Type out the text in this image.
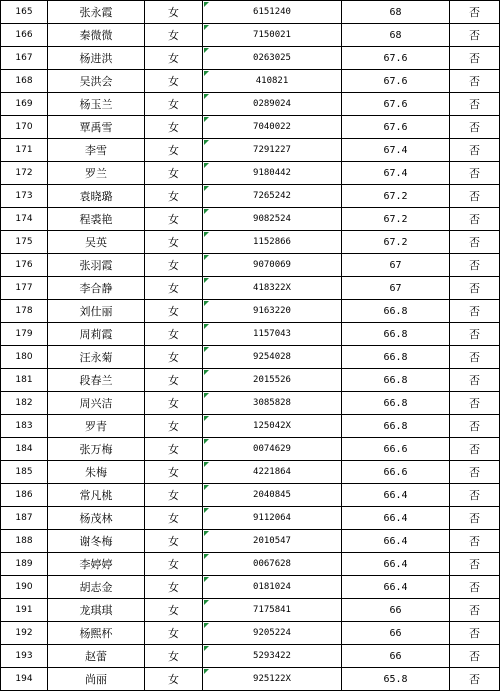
165	张永霞	女	6151240	68	否
166	秦微微	女	7150021	68	否
167	杨进洪	女	0263025	67.6	否
168	吴洪会	女	410821	67.6	否
169	杨玉兰	女	0289024	67.6	否
170	覃禹雪	女	7040022	67.6	否
171	李雪	女	7291227	67.4	否
172	罗兰	女	9180442	67.4	否
173	袁晓璐	女	7265242	67.2	否
174	程裘艳	女	9082524	67.2	否
175	吴英	女	1152866	67.2	否
176	张羽霞	女	9070069	67	否
177	李合静	女	418322X	67	否
178	刘仕丽	女	9163220	66.8	否
179	周莉霞	女	1157043	66.8	否
180	汪永菊	女	9254028	66.8	否
181	段春兰	女	2015526	66.8	否
182	周兴洁	女	3085828	66.8	否
183	罗青	女	125042X	66.8	否
184	张万梅	女	0074629	66.6	否
185	朱梅	女	4221864	66.6	否
186	常凡桃	女	2040845	66.4	否
187	杨茂林	女	9112064	66.4	否
188	谢冬梅	女	2010547	66.4	否
189	李婷婷	女	0067628	66.4	否
190	胡志金	女	0181024	66.4	否
191	龙琪琪	女	7175841	66	否
192	杨熙杯	女	9205224	66	否
193	赵蕾	女	5293422	66	否
194	尚丽	女	925122X	65.8	否
